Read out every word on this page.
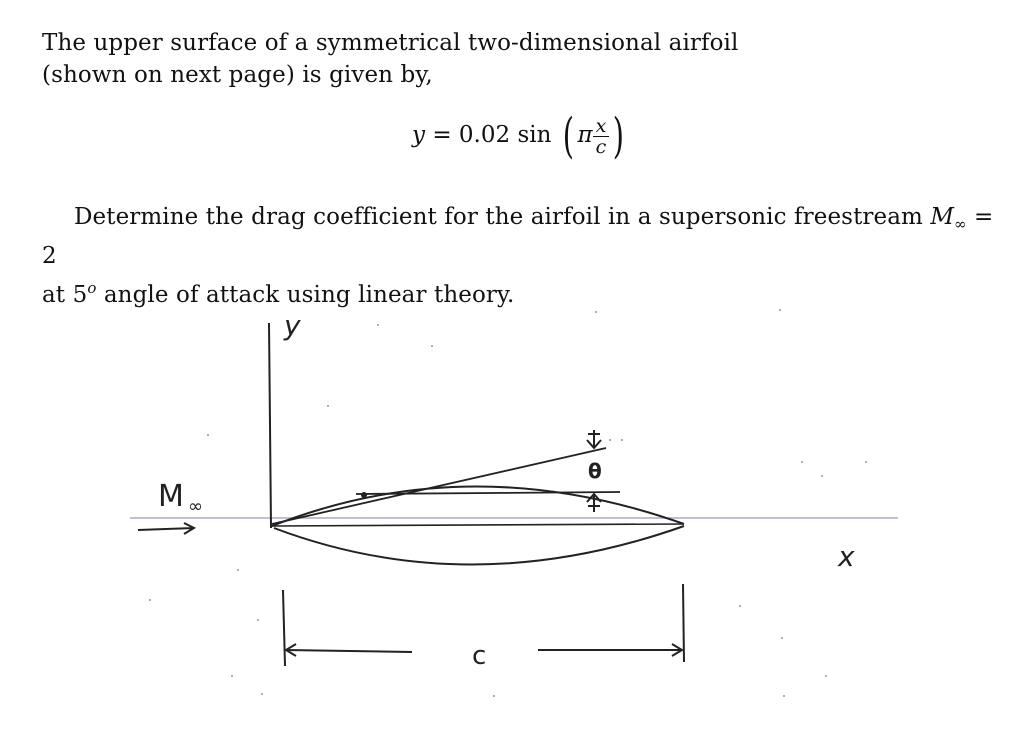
The upper surface of a symmetrical two-dimensional airfoil
(shown on next page) is given by,

y = 0.02 sin ( π $\frac{x}{c}$ )

Determine the drag coefficient for the airfoil in a supersonic freestream $M_\infty = 2$
at 5$^o$ angle of attack using linear theory.

θ
y
x
M ∞
c
